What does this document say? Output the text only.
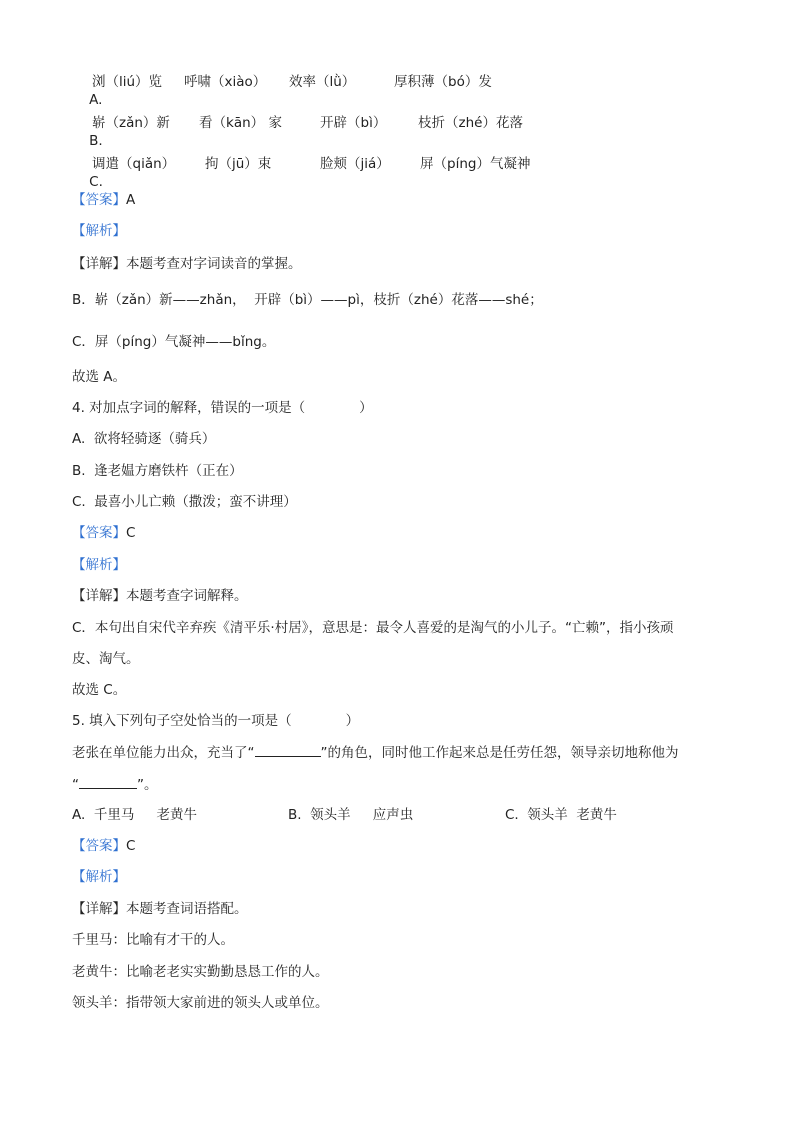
A.

浏（liú）览 呼啸（xiào） 效率（lǜ）	厚积薄（bó）发

B.

崭（zǎn）新 看（kān） 家	开辟（bì） 枝折（zhé）花落

C.

调遣（qiǎn） 拘（jū）束	脸颊（jiá） 屏（píng）气凝神
【答案】A
【解析】
【详解】本题考查对字词读音的掌握。
B．崭（zǎn）新——zhǎn，  开辟（bì）——pì，枝折（zhé）花落——shé；
C．屏（píng）气凝神——bǐng。
故选 A。
4. 对加点字词的解释，错误的一项是（　　　　）
A.  欲将轻骑逐（骑兵）
B.  逢老媪方磨铁杵（正在）
C.  最喜小儿亡赖（撒泼；蛮不讲理）
【答案】C
【解析】
【详解】本题考查字词解释。
C．本句出自宋代辛弃疾《清平乐·村居》，意思是：最令人喜爱的是淘气的小儿子。“亡赖”，指小孩顽
皮、淘气。
故选 C。
5. 填入下列句子空处恰当的一项是（　　　　）
老张在单位能力出众，充当了“	”的角色，同时他工作起来总是任劳任怨，领导亲切地称他为
“	”。
A.  千里马　  老黄牛	B.  领头羊　  应声虫	C.  领头羊  老黄牛
【答案】C
【解析】
【详解】本题考查词语搭配。
千里马：比喻有才干的人。
老黄牛：比喻老老实实勤勤恳恳工作的人。
领头羊：指带领大家前进的领头人或单位。
